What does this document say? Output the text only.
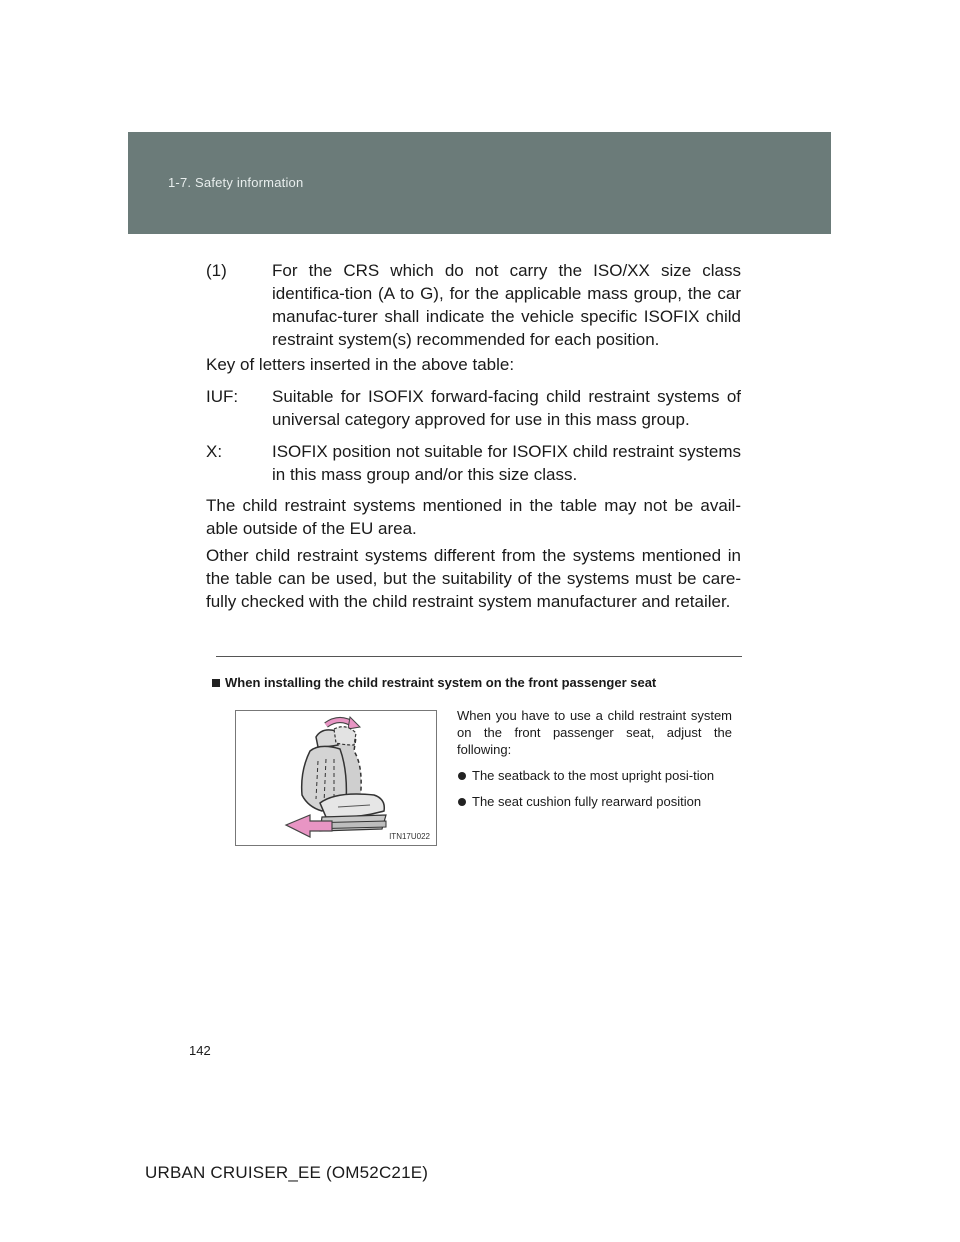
1-7. Safety information
(1)	For the CRS which do not carry the ISO/XX size class identifica-tion (A to G), for the applicable mass group, the car manufac-turer shall indicate the vehicle specific ISOFIX child restraint system(s) recommended for each position.

Key of letters inserted in the above table:

IUF:	Suitable for ISOFIX forward-facing child restraint systems of universal category approved for use in this mass group.
X:	ISOFIX position not suitable for ISOFIX child restraint systems in this mass group and/or this size class.

The child restraint systems mentioned in the table may not be avail-able outside of the EU area.

Other child restraint systems different from the systems mentioned in the table can be used, but the suitability of the systems must be care-fully checked with the child restraint system manufacturer and retailer.

When installing the child restraint system on the front passenger seat
ITN17U022

When you have to use a child restraint system on the front passenger seat, adjust the following:

The seatback to the most upright posi-tion
The seat cushion fully rearward position
142
URBAN CRUISER_EE (OM52C21E)
